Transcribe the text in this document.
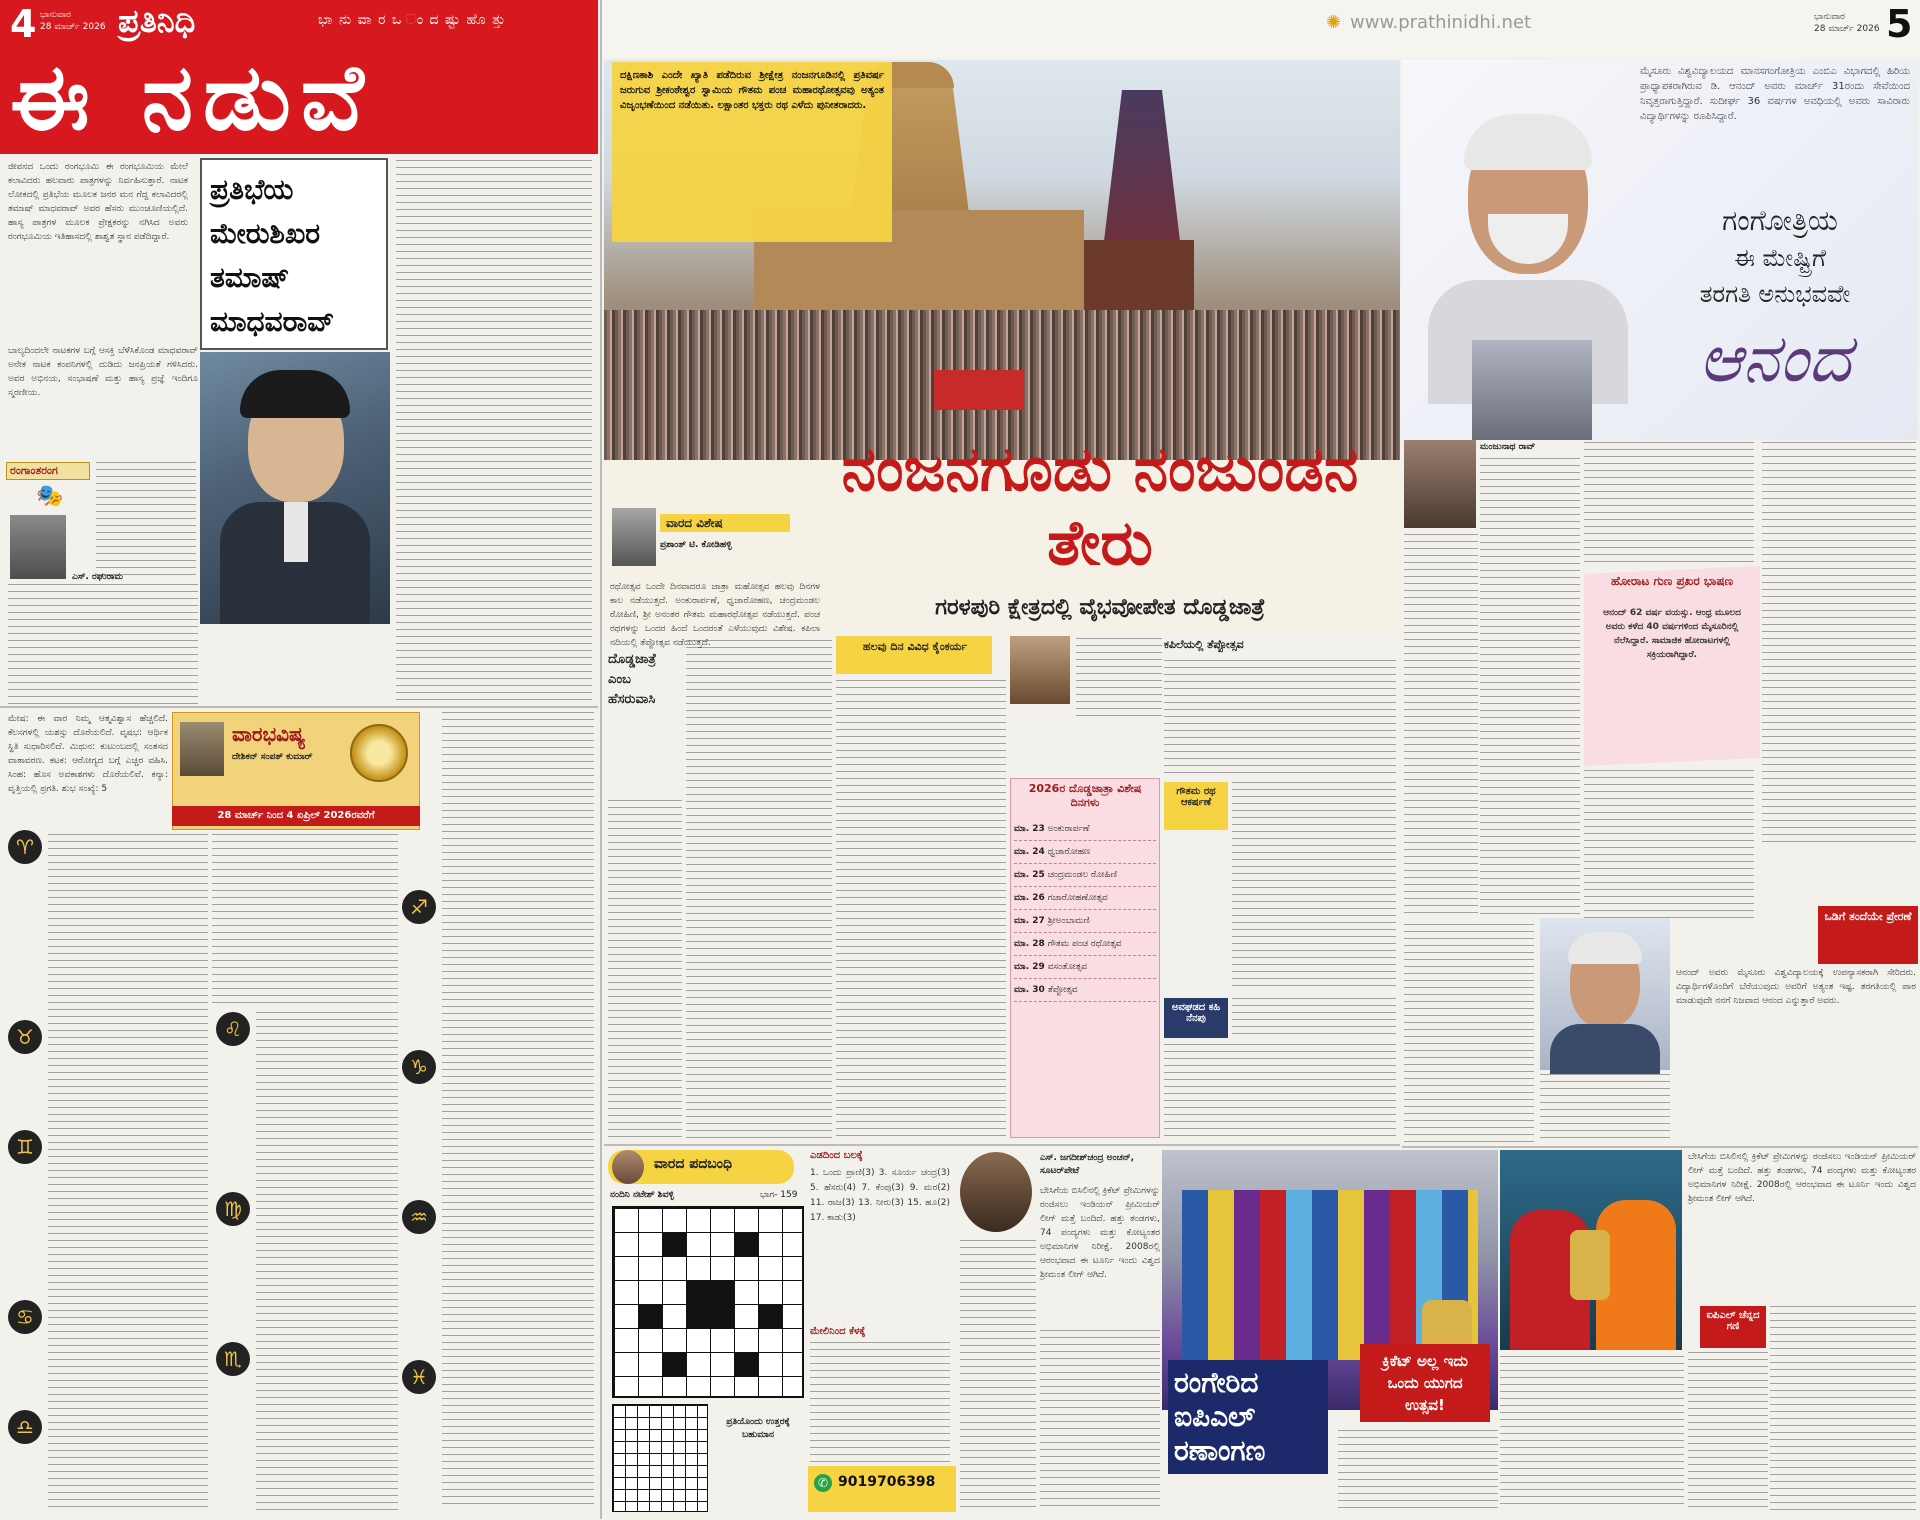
4 ಭಾನುವಾರ
28 ಮಾರ್ಚ್ 2026 ಪ್ರತಿನಿಧಿ	ಭಾ ನು ವಾ ರ ಒ ಂ ದ ಷ್ಟು ಹೊ ತ್ತು
ಈ ನಡುವೆ

ಜೀವನದ ಒಂದು ರಂಗಭೂಮಿ ಈ ರಂಗಭೂಮಿಯ ಮೇಲೆ ಕಲಾವಿದರು ಹಲವಾರು ಪಾತ್ರಗಳನ್ನು ನಿರ್ವಹಿಸುತ್ತಾರೆ. ನಾಟಕ ಲೋಕದಲ್ಲಿ ಪ್ರತಿಭೆಯ ಮೂಲಕ ಜನರ ಮನ ಗೆದ್ದ ಕಲಾವಿದರಲ್ಲಿ ತಮಾಷ್ ಮಾಧವರಾವ್ ಅವರ ಹೆಸರು ಮುಂಚೂಣಿಯಲ್ಲಿದೆ. ಹಾಸ್ಯ ಪಾತ್ರಗಳ ಮೂಲಕ ಪ್ರೇಕ್ಷಕರನ್ನು ನಗಿಸಿದ ಅವರು ರಂಗಭೂಮಿಯ ಇತಿಹಾಸದಲ್ಲಿ ಶಾಶ್ವತ ಸ್ಥಾನ ಪಡೆದಿದ್ದಾರೆ.

ಪ್ರತಿಭೆಯ ಮೇರುಶಿಖರ ತಮಾಷ್ ಮಾಧವರಾವ್

ಬಾಲ್ಯದಿಂದಲೇ ನಾಟಕಗಳ ಬಗ್ಗೆ ಆಸಕ್ತಿ ಬೆಳೆಸಿಕೊಂಡ ಮಾಧವರಾವ್ ಅನೇಕ ನಾಟಕ ಕಂಪನಿಗಳಲ್ಲಿ ದುಡಿದು ಜನಪ್ರಿಯತೆ ಗಳಿಸಿದರು. ಅವರ ಅಭಿನಯ, ಸಂಭಾಷಣೆ ಮತ್ತು ಹಾಸ್ಯ ಪ್ರಜ್ಞೆ ಇಂದಿಗೂ ಸ್ಮರಣೀಯ.

ರಂಗಾಂತರಂಗ
🎭
ಎಸ್. ರಘುರಾಮ
ವಾರಭವಿಷ್ಯ
ದೇಶಿಕನ್ ಸಂಪತ್ ಕುಮಾರ್
28 ಮಾರ್ಚ್ ನಿಂದ 4 ಏಪ್ರಿಲ್ 2026ರವರೆಗೆ

ಮೇಷ: ಈ ವಾರ ನಿಮ್ಮ ಆತ್ಮವಿಶ್ವಾಸ ಹೆಚ್ಚಲಿದೆ. ಕೆಲಸಗಳಲ್ಲಿ ಯಶಸ್ಸು ದೊರೆಯಲಿದೆ. ವೃಷಭ: ಆರ್ಥಿಕ ಸ್ಥಿತಿ ಸುಧಾರಿಸಲಿದೆ. ಮಿಥುನ: ಕುಟುಂಬದಲ್ಲಿ ಸಂತಸದ ವಾತಾವರಣ. ಕಟಕ: ಆರೋಗ್ಯದ ಬಗ್ಗೆ ಎಚ್ಚರ ವಹಿಸಿ. ಸಿಂಹ: ಹೊಸ ಅವಕಾಶಗಳು ದೊರೆಯಲಿವೆ. ಕನ್ಯಾ: ವೃತ್ತಿಯಲ್ಲಿ ಪ್ರಗತಿ. ಶುಭ ಸಂಖ್ಯೆ: 5

♈
♉
♊
♋
♎
♌
♍
♏
♐
♑
♒
♓
✺ www.prathinidhi.net	ಭಾನುವಾರ
28 ಮಾರ್ಚ್ 2026 5

ದಕ್ಷಿಣಕಾಶಿ ಎಂದೇ ಖ್ಯಾತಿ ಪಡೆದಿರುವ ಶ್ರೀಕ್ಷೇತ್ರ ನಂಜನಗೂಡಿನಲ್ಲಿ ಪ್ರತಿವರ್ಷ ಜರುಗುವ ಶ್ರೀಕಂಠೇಶ್ವರ ಸ್ವಾಮಿಯ ಗೌತಮ ಪಂಚ ಮಹಾರಥೋತ್ಸವವು ಅತ್ಯಂತ ವಿಜೃಂಭಣೆಯಿಂದ ನಡೆಯಿತು. ಲಕ್ಷಾಂತರ ಭಕ್ತರು ರಥ ಎಳೆದು ಪುನೀತರಾದರು.

ನಂಜನಗೂಡು ನಂಜುಂಡನ ತೇರು
ಗರಳಪುರಿ ಕ್ಷೇತ್ರದಲ್ಲಿ ವೈಭವೋಪೇತ ದೊಡ್ಡಜಾತ್ರೆ
ವಾರದ ವಿಶೇಷ
ಪ್ರಶಾಂತ್ ಟಿ. ಕೋಡಿಹಳ್ಳಿ

ರಥೋತ್ಸವ ಒಂದೇ ದಿನವಾದರೂ ಜಾತ್ರಾ ಮಹೋತ್ಸವ ಹಲವು ದಿನಗಳ ಕಾಲ ನಡೆಯುತ್ತದೆ. ಅಂಕುರಾರ್ಪಣೆ, ಧ್ವಜಾರೋಹಣ, ಚಂದ್ರಮಂಡಲ ರೋಹಿಣಿ, ಶ್ರೀ ಅನಂತರ ಗೌತಮ ಮಹಾರಥೋತ್ಸವ ನಡೆಯುತ್ತದೆ. ಪಂಚ ರಥಗಳನ್ನು ಒಂದರ ಹಿಂದೆ ಒಂದರಂತೆ ಎಳೆಯುವುದು ವಿಶೇಷ. ಕಪಿಲಾ ನದಿಯಲ್ಲಿ ತೆಪ್ಪೋತ್ಸವ ನಡೆಯುತ್ತದೆ.	ಹಲವು ದಿನ ವಿವಿಧ ಕೈಂಕರ್ಯ
ದೊಡ್ಡಜಾತ್ರೆ ಎಂಬ ಹೆಸರುವಾಸಿ
ಕಪಿಲೆಯಲ್ಲಿ ತೆಪ್ಪೋತ್ಸವ
2026ರ ದೊಡ್ಡಜಾತ್ರಾ ವಿಶೇಷ ದಿನಗಳು
ಮಾ. 23 ಅಂಕುರಾರ್ಪಣೆ
ಮಾ. 24 ಧ್ವಜಾರೋಹಣ
ಮಾ. 25 ಚಂದ್ರಮಂಡಲ ರೋಹಿಣಿ
ಮಾ. 26 ಗಜಾರೋಹಣೋತ್ಸವ
ಮಾ. 27 ಶ್ರೀಅಂಬಾಮಣಿ
ಮಾ. 28 ಗೌತಮ ಪಂಚ ರಥೋತ್ಸವ
ಮಾ. 29 ವಸಂತೋತ್ಸವ
ಮಾ. 30 ತೆಪ್ಪೋತ್ಸವ
ಗೌತಮ ರಥ ಆಕರ್ಷಣೆ
ಅವಘಡದ ಕಹಿ ನೆನಪು
ವಾರದ ಪದಬಂಧಿ
ನಂದಿನಿ ನಟೇಶ್ ಶಿವಳ್ಳಿ	ಭಾಗ- 159
ಪ್ರತಿಯೊಂದು ಉತ್ತರಕ್ಕೆ ಬಹುಮಾನ
ಎಡದಿಂದ ಬಲಕ್ಕೆ

1. ಒಂದು ಪ್ರಾಣಿ(3) 3. ಸೂರ್ಯ ಚಂದ್ರ(3) 5. ಹೆಸರು(4) 7. ಕೆಂಪು(3) 9. ಮರ(2) 11. ರಾಜ(3) 13. ನೀರು(3) 15. ಹೂ(2) 17. ಕಾಡು(3)

ಮೇಲಿನಿಂದ ಕೆಳಕ್ಕೆ
✆ 9019706398
ಎಸ್. ಜಗದೀಶ್‌ಚಂದ್ರ ಅಂಚನ್, ಸೂಟರ್‌ಪೇಟೆ

ಬೇಸಿಗೆಯ ಬಿಸಿಲಿನಲ್ಲಿ ಕ್ರಿಕೆಟ್ ಪ್ರೇಮಿಗಳನ್ನು ರಂಜಿಸಲು ಇಂಡಿಯನ್ ಪ್ರೀಮಿಯರ್ ಲೀಗ್ ಮತ್ತೆ ಬಂದಿದೆ. ಹತ್ತು ತಂಡಗಳು, 74 ಪಂದ್ಯಗಳು ಮತ್ತು ಕೋಟ್ಯಂತರ ಅಭಿಮಾನಿಗಳ ನಿರೀಕ್ಷೆ. 2008ರಲ್ಲಿ ಆರಂಭವಾದ ಈ ಟೂರ್ನಿ ಇಂದು ವಿಶ್ವದ ಶ್ರೀಮಂತ ಲೀಗ್ ಆಗಿದೆ.

ರಂಗೇರಿದ ಐಪಿಎಲ್ ರಣಾಂಗಣ
ಕ್ರಿಕೆಟ್ ಅಲ್ಲ ಇದು ಒಂದು ಯುಗದ ಉತ್ಸವ!

ಬೇಸಿಗೆಯ ಬಿಸಿಲಿನಲ್ಲಿ ಕ್ರಿಕೆಟ್ ಪ್ರೇಮಿಗಳನ್ನು ರಂಜಿಸಲು ಇಂಡಿಯನ್ ಪ್ರೀಮಿಯರ್ ಲೀಗ್ ಮತ್ತೆ ಬಂದಿದೆ. ಹತ್ತು ತಂಡಗಳು, 74 ಪಂದ್ಯಗಳು ಮತ್ತು ಕೋಟ್ಯಂತರ ಅಭಿಮಾನಿಗಳ ನಿರೀಕ್ಷೆ. 2008ರಲ್ಲಿ ಆರಂಭವಾದ ಈ ಟೂರ್ನಿ ಇಂದು ವಿಶ್ವದ ಶ್ರೀಮಂತ ಲೀಗ್ ಆಗಿದೆ.

ಐಪಿಎಲ್ ಚೆನ್ನದ ಗಣಿ

ಮೈಸೂರು ವಿಶ್ವವಿದ್ಯಾಲಯದ ಮಾನಸಗಂಗೋತ್ರಿಯ ಎಂಬಿಎ ವಿಭಾಗದಲ್ಲಿ ಹಿರಿಯ ಪ್ರಾಧ್ಯಾಪಕರಾಗಿರುವ ಡಿ. ಆನಂದ್ ಅವರು ಮಾರ್ಚ್ 31ರಂದು ಸೇವೆಯಿಂದ ನಿವೃತ್ತರಾಗುತ್ತಿದ್ದಾರೆ. ಸುದೀರ್ಘ 36 ವರ್ಷಗಳ ಅವಧಿಯಲ್ಲಿ ಅವರು ಸಾವಿರಾರು ವಿದ್ಯಾರ್ಥಿಗಳನ್ನು ರೂಪಿಸಿದ್ದಾರೆ.

ಗಂಗೋತ್ರಿಯ
ಈ ಮೇಷ್ಟ್ರಿಗೆ
ತರಗತಿ ಅನುಭವವೇ
ಆನಂದ
ಮಂಜುನಾಥ ರಾವ್
ಹೋರಾಟ ಗುಣ ಪ್ರಖರ ಭಾಷಣ

ಆನಂದ್ 62 ವರ್ಷ ವಯಸ್ಸು. ಆಂಧ್ರ ಮೂಲದ ಅವರು ಕಳೆದ 40 ವರ್ಷಗಳಿಂದ ಮೈಸೂರಿನಲ್ಲಿ ನೆಲೆಸಿದ್ದಾರೆ. ಸಾಮಾಜಿಕ ಹೋರಾಟಗಳಲ್ಲಿ ಸಕ್ರಿಯರಾಗಿದ್ದಾರೆ.

ಒಡಿಗೆ ತಂದೆಯೇ ಪ್ರೇರಣೆ

ಆನಂದ್ ಅವರು ಮೈಸೂರು ವಿಶ್ವವಿದ್ಯಾಲಯಕ್ಕೆ ಉಪನ್ಯಾಸಕರಾಗಿ ಸೇರಿದರು. ವಿದ್ಯಾರ್ಥಿಗಳೊಂದಿಗೆ ಬೆರೆಯುವುದು ಅವರಿಗೆ ಅತ್ಯಂತ ಇಷ್ಟ. ತರಗತಿಯಲ್ಲಿ ಪಾಠ ಮಾಡುವುದೇ ನನಗೆ ನಿಜವಾದ ಆನಂದ ಎನ್ನುತ್ತಾರೆ ಅವರು.
